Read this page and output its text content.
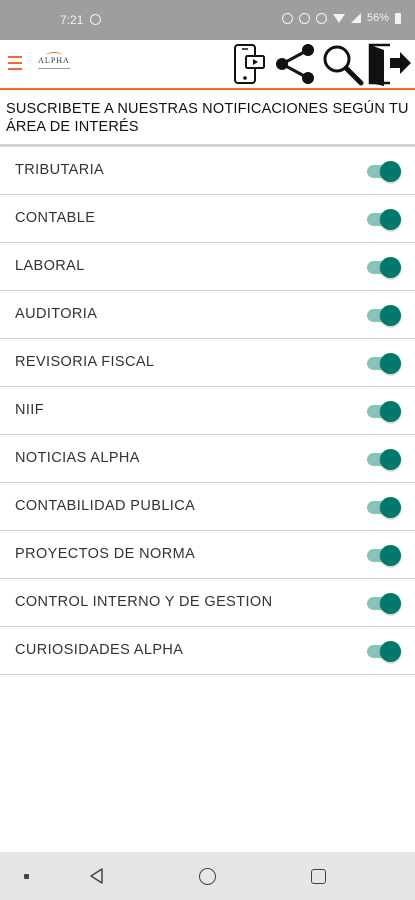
7:21	56%
ALPHA
SUSCRIBETE A NUESTRAS NOTIFICACIONES SEGÚN TU ÁREA DE INTERÉS
TRIBUTARIA
CONTABLE
LABORAL
AUDITORIA
REVISORIA FISCAL
NIIF
NOTICIAS ALPHA
CONTABILIDAD PUBLICA
PROYECTOS DE NORMA
CONTROL INTERNO Y DE GESTION
CURIOSIDADES ALPHA
